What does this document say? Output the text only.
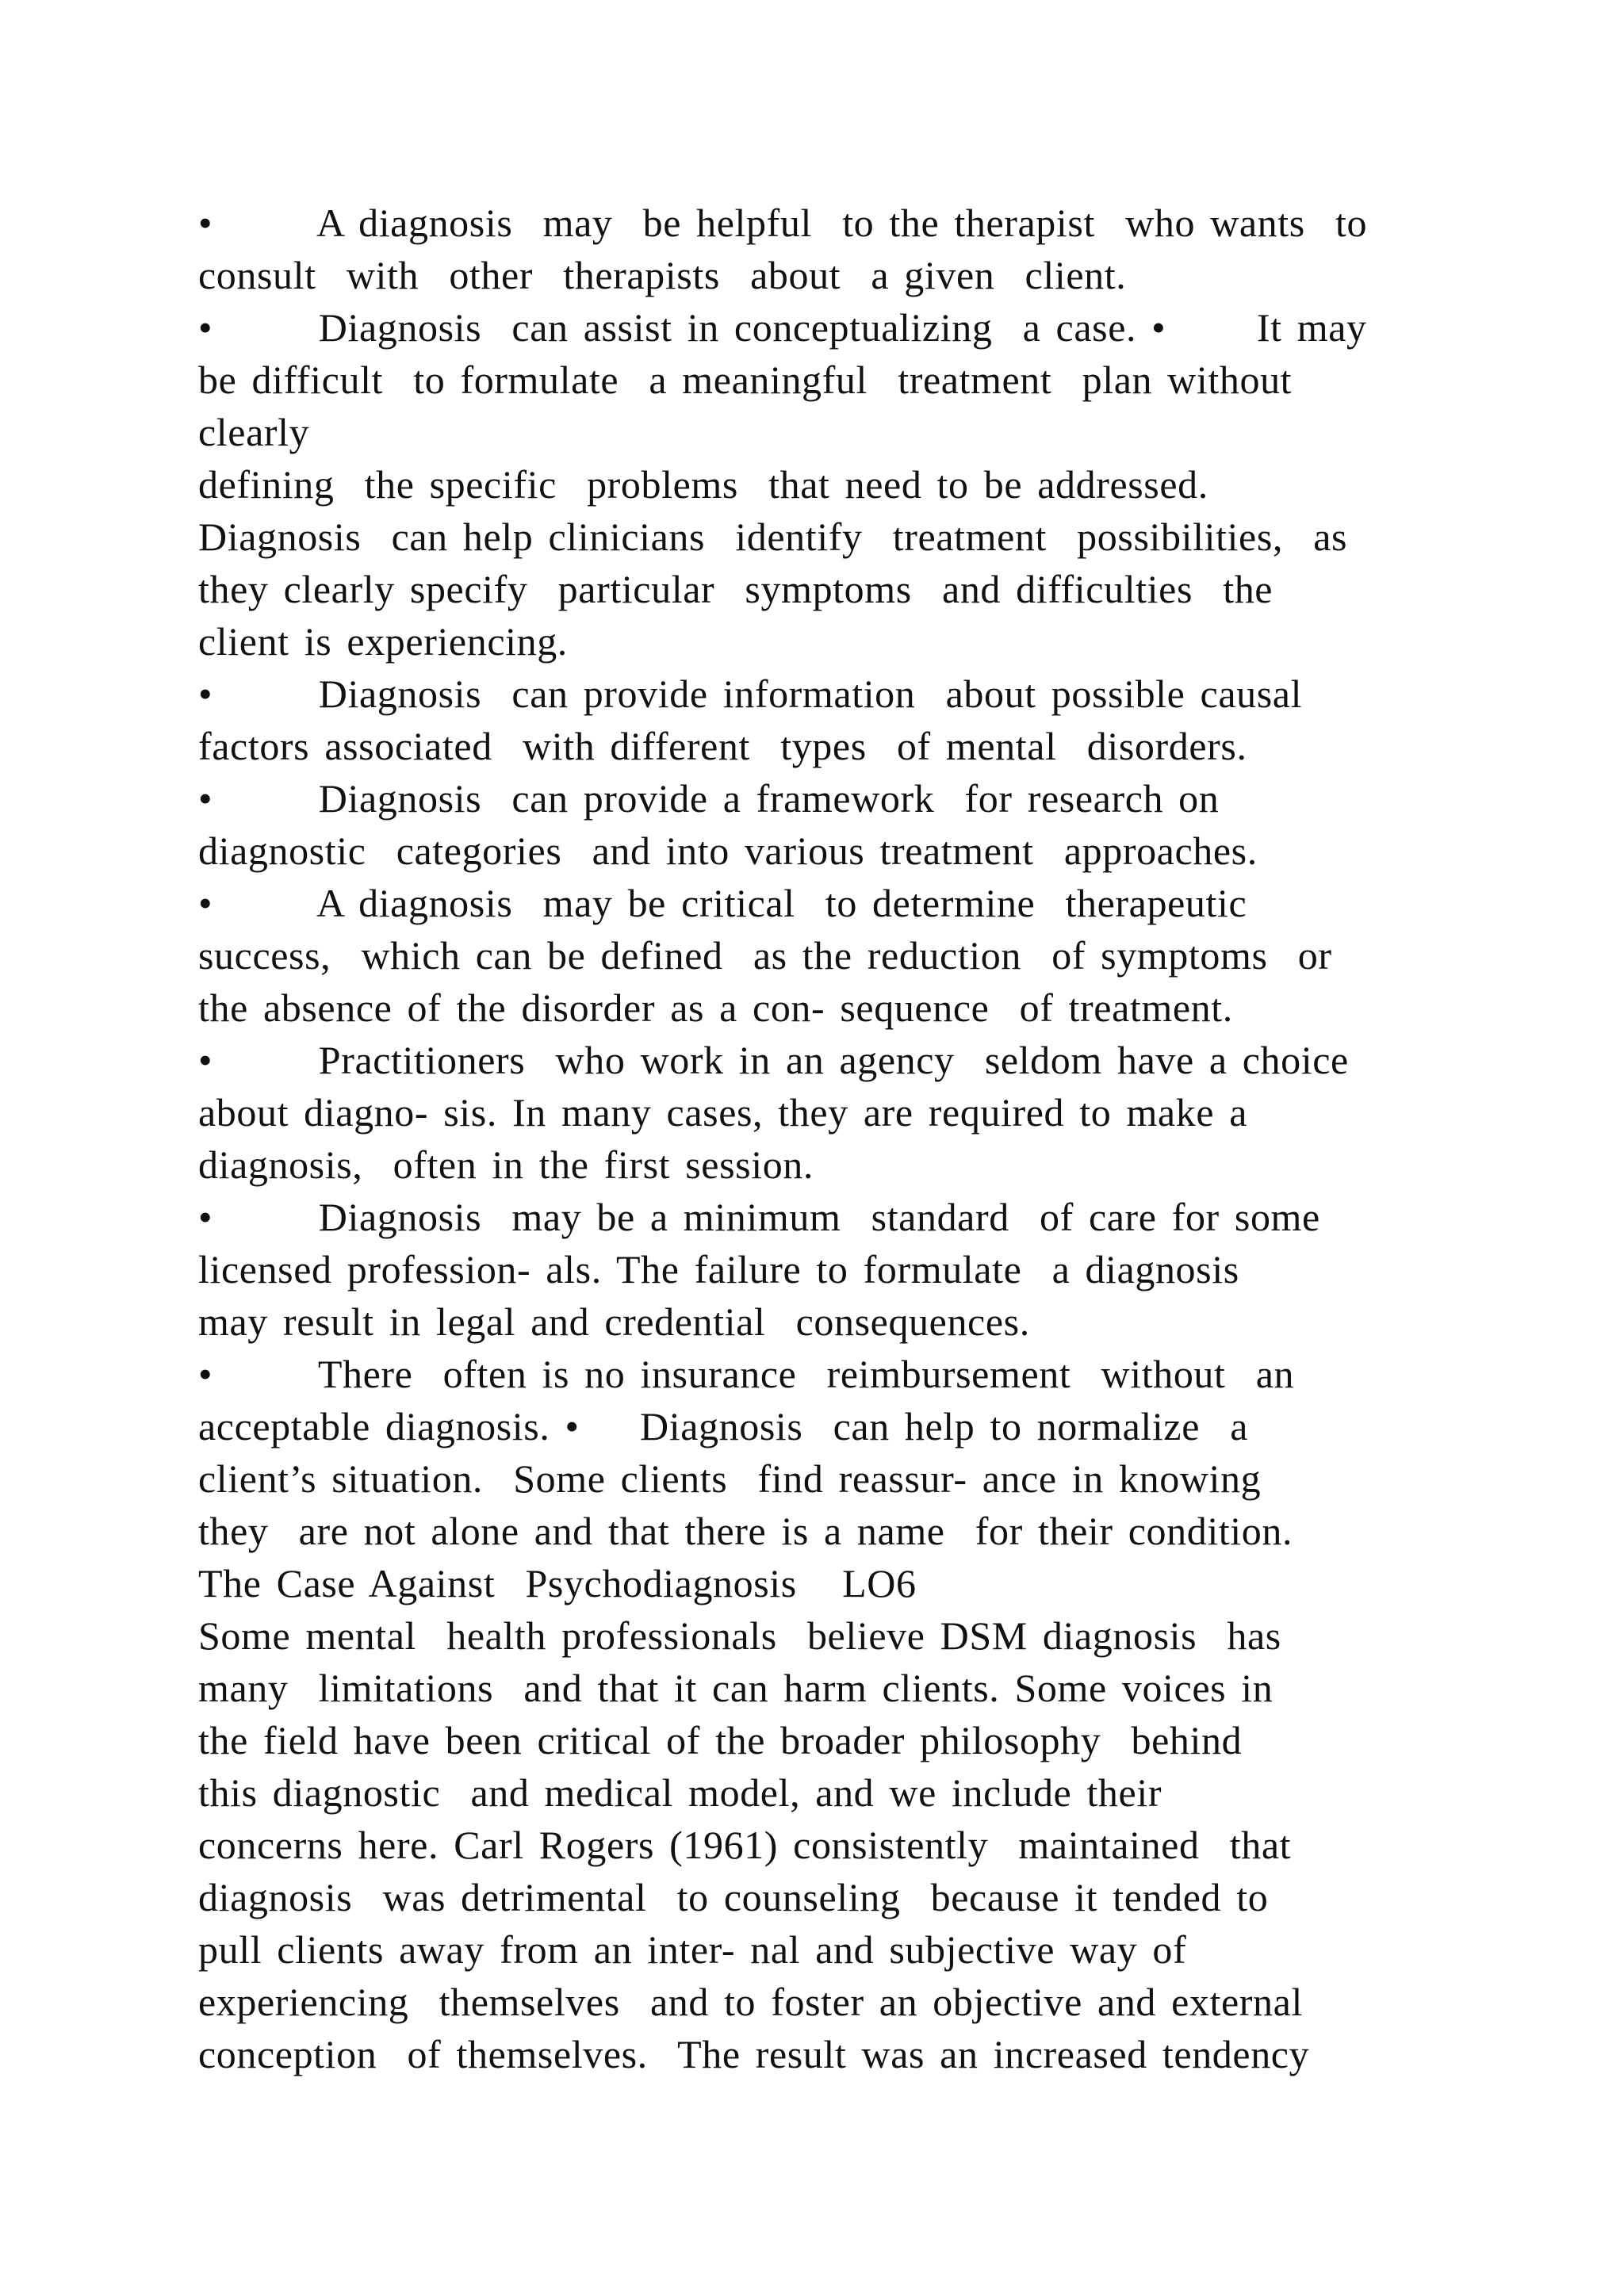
•       A diagnosis  may  be helpful  to the therapist  who wants  to
consult  with  other  therapists  about  a given  client.
•       Diagnosis  can assist in conceptualizing  a case. •      It may
be difficult  to formulate  a meaningful  treatment  plan without
clearly
defining  the specific  problems  that need to be addressed.
Diagnosis  can help clinicians  identify  treatment  possibilities,  as
they clearly specify  particular  symptoms  and difficulties  the
client is experiencing.
•       Diagnosis  can provide information  about possible causal
factors associated  with different  types  of mental  disorders.
•       Diagnosis  can provide a framework  for research on
diagnostic  categories  and into various treatment  approaches.
•       A diagnosis  may be critical  to determine  therapeutic
success,  which can be defined  as the reduction  of symptoms  or
the absence of the disorder as a con- sequence  of treatment.
•       Practitioners  who work in an agency  seldom have a choice
about diagno- sis. In many cases, they are required to make a
diagnosis,  often in the first session.
•       Diagnosis  may be a minimum  standard  of care for some
licensed profession- als. The failure to formulate  a diagnosis
may result in legal and credential  consequences.
•       There  often is no insurance  reimbursement  without  an
acceptable diagnosis. •    Diagnosis  can help to normalize  a
client’s situation.  Some clients  find reassur- ance in knowing
they  are not alone and that there is a name  for their condition.
The Case Against  Psychodiagnosis   LO6
Some mental  health professionals  believe DSM diagnosis  has
many  limitations  and that it can harm clients. Some voices in
the field have been critical of the broader philosophy  behind
this diagnostic  and medical model, and we include their
concerns here. Carl Rogers (1961) consistently  maintained  that
diagnosis  was detrimental  to counseling  because it tended to
pull clients away from an inter- nal and subjective way of
experiencing  themselves  and to foster an objective and external
conception  of themselves.  The result was an increased tendency
